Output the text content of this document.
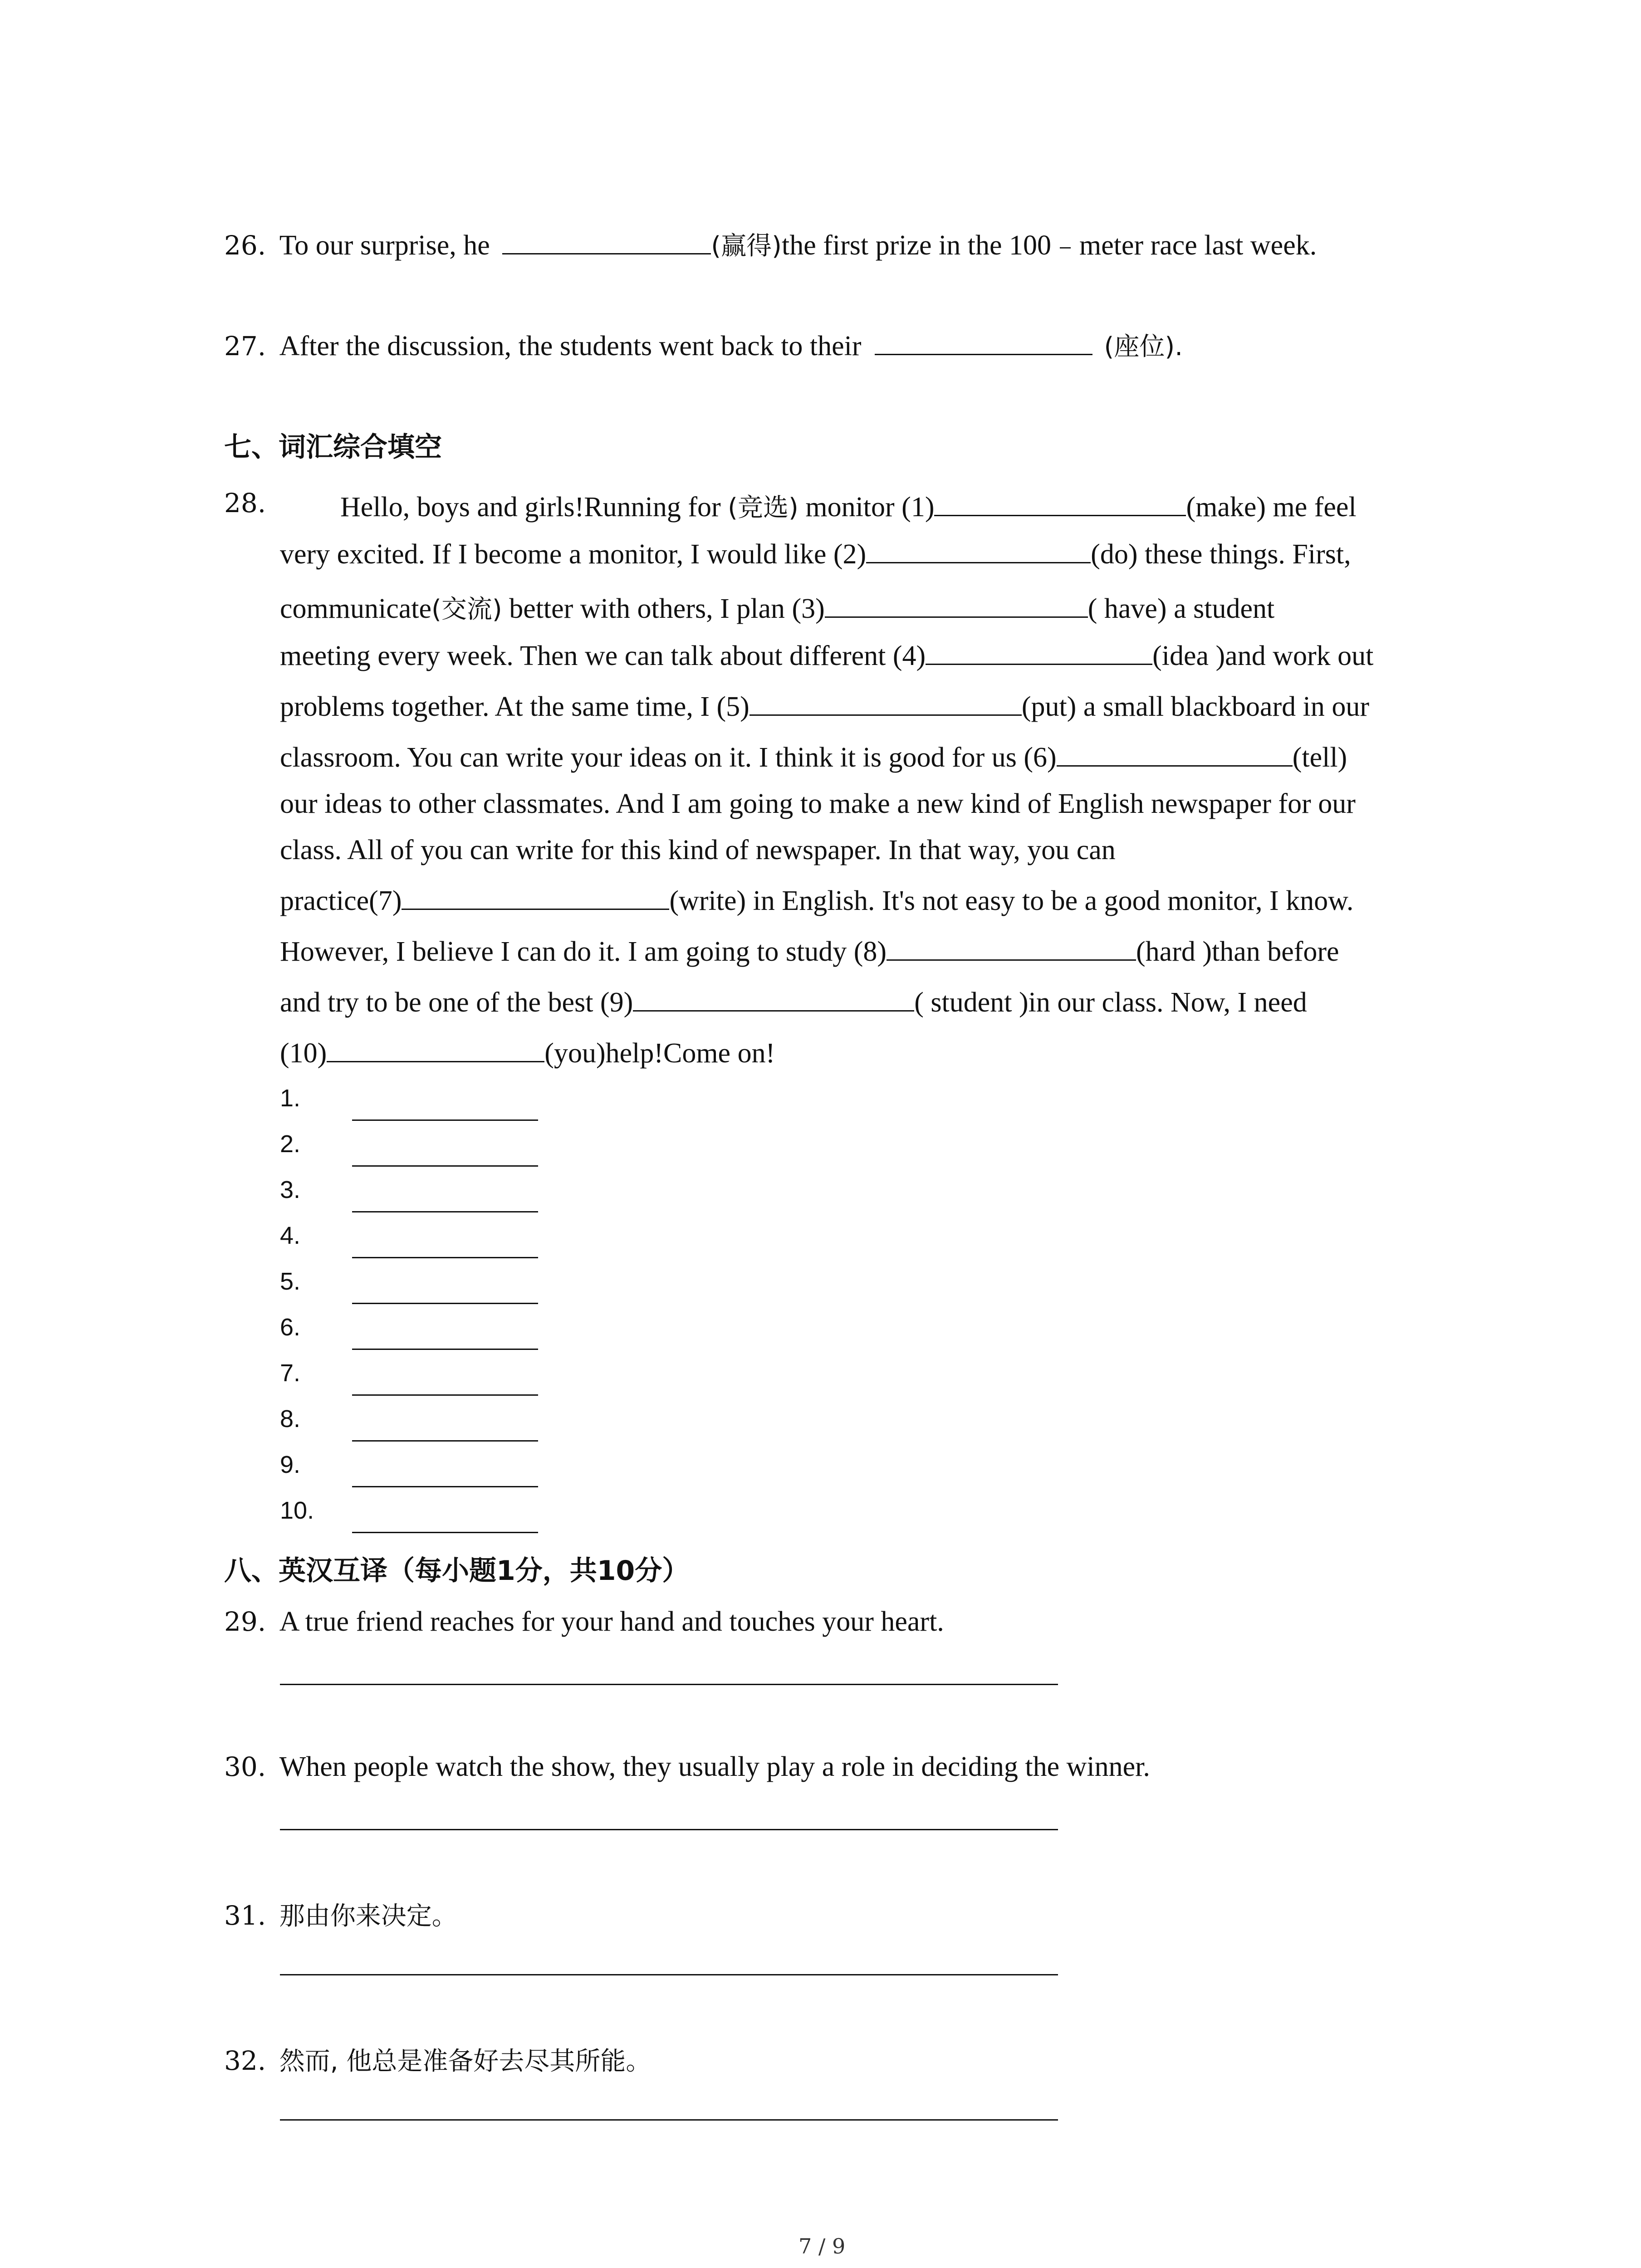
26. To our surprise, he	(赢得)the first prize in the 100﹣meter race last week.
27. After the discussion, the students went back to their	(座位).
七、词汇综合填空
28.	Hello, boys and girls!Running for (竞选) monitor (1)	(make) me feel
very excited. If I become a monitor, I would like (2)	(do) these things. First,
communicate(交流) better with others, I plan (3)	( have) a student
meeting every week. Then we can talk about different (4)	(idea )and work out
problems together. At the same time, I (5)	(put) a small blackboard in our
classroom. You can write your ideas on it. I think it is good for us (6)	(tell)
our ideas to other classmates. And I am going to make a new kind of English newspaper for our
class. All of you can write for this kind of newspaper. In that way, you can
practice(7)	(write) in English. It's not easy to be a good monitor, I know.
However, I believe I can do it. I am going to study (8)	(hard )than before
and try to be one of the best (9)	( student )in our class. Now, I need
(10)	(you)help!Come on!
1.
2.
3.
4.
5.
6.
7.
8.
9.
10.
八、英汉互译（每小题1分，共10分）
29. A true friend reaches for your hand and touches your heart.
30. When people watch the show, they usually play a role in deciding the winner.
31. 那由你来决定。
32. 然而, 他总是准备好去尽其所能。
7 / 9
